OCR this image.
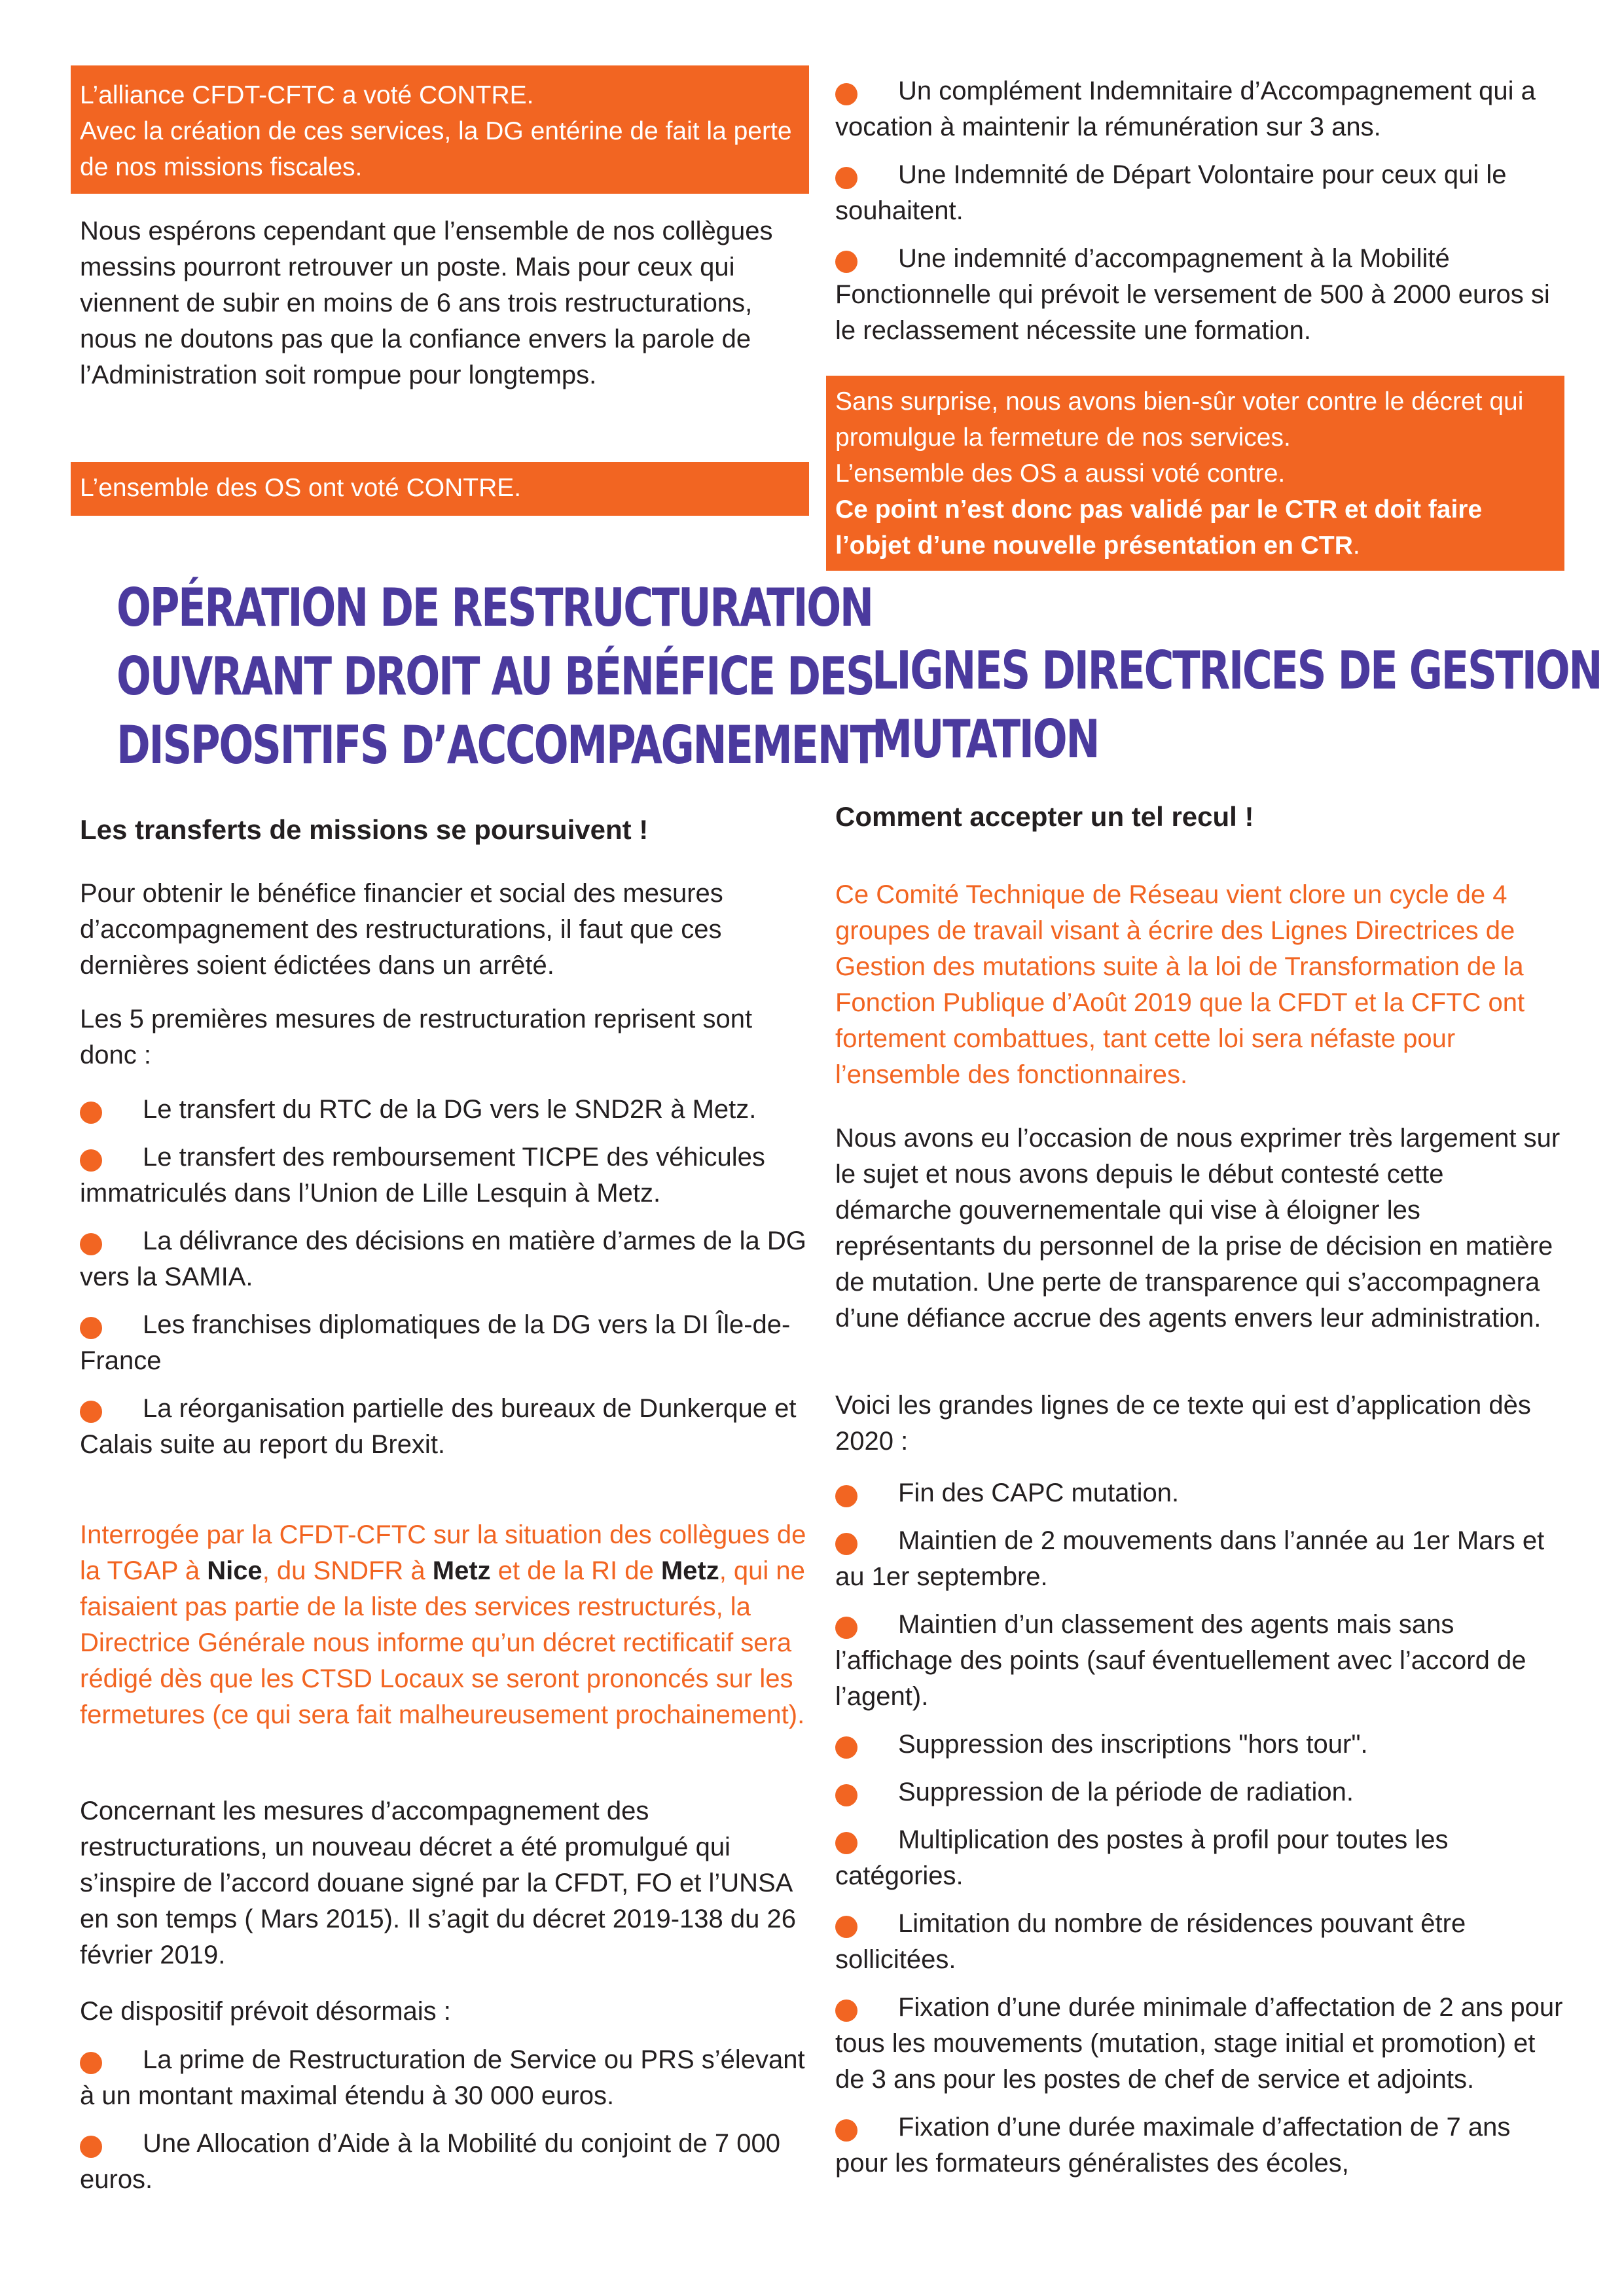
L’alliance CFDT-CFTC a voté CONTRE.

Avec la création de ces services, la DG entérine de fait la perte de nos missions fiscales.

Nous espérons cependant que l’ensemble de nos collègues messins pourront retrouver un poste. Mais pour ceux qui viennent de subir en moins de 6 ans trois restructurations, nous ne doutons pas que la confiance envers la parole de l’Administration soit rompue pour longtemps.

L’ensemble des OS ont voté CONTRE.

OPÉRATION DE RESTRUCTURATION
OUVRANT DROIT AU BÉNÉFICE DES
DISPOSITIFS D’ACCOMPAGNEMENT
Les transferts de missions se poursuivent !

Pour obtenir le bénéfice financier et social des mesures d’accompagnement des restructurations, il faut que ces dernières soient édictées dans un arrêté.

Les 5 premières mesures de restructuration reprisent sont donc :

Le transfert du RTC de la DG vers le SND2R à Metz.
Le transfert des remboursement TICPE des véhicules immatriculés dans l’Union de Lille Lesquin à Metz.
La délivrance des décisions en matière d’armes de la DG vers la SAMIA.
Les franchises diplomatiques de la DG vers la DI Île-de-France
La réorganisation partielle des bureaux de Dunkerque et Calais suite au report du Brexit.

Interrogée par la CFDT-CFTC sur la situation des collègues de la TGAP à Nice, du SNDFR à Metz et de la RI de Metz, qui ne faisaient pas partie de la liste des services restructurés, la Directrice Générale nous informe qu’un décret rectificatif sera rédigé dès que les CTSD Locaux se seront prononcés sur les fermetures (ce qui sera fait malheureusement prochainement).

Concernant les mesures d’accompagnement des restructurations, un nouveau décret a été promulgué qui s’inspire de l’accord douane signé par la CFDT, FO et l’UNSA en son temps ( Mars 2015). Il s’agit du décret 2019-138 du 26 février 2019.

Ce dispositif prévoit désormais :

La prime de Restructuration de Service ou PRS s’élevant à un montant maximal étendu à 30 000 euros.
Une Allocation d’Aide à la Mobilité du conjoint de 7 000 euros.
Un complément Indemnitaire d’Accompagnement qui a vocation à maintenir la rémunération sur 3 ans.
Une Indemnité de Départ Volontaire pour ceux qui le souhaitent.
Une indemnité d’accompagnement à la Mobilité Fonctionnelle qui prévoit le versement de 500 à 2000 euros si le reclassement nécessite une formation.

Sans surprise, nous avons bien-sûr voter contre le décret qui promulgue la fermeture de nos services.

L’ensemble des OS a aussi voté contre.

Ce point n’est donc pas validé par le CTR et doit faire l’objet d’une nouvelle présentation en CTR.

LIGNES DIRECTRICES DE GESTION
MUTATION
Comment accepter un tel recul !

Ce Comité Technique de Réseau vient clore un cycle de 4 groupes de travail visant à écrire des Lignes Directrices de Gestion des mutations suite à la loi de Transformation de la Fonction Publique d’Août 2019 que la CFDT et la CFTC ont fortement combattues, tant cette loi sera néfaste pour l’ensemble des fonctionnaires.

Nous avons eu l’occasion de nous exprimer très largement sur le sujet et nous avons depuis le début contesté cette démarche gouvernementale qui vise à éloigner les représentants du personnel de la prise de décision en matière de mutation. Une perte de transparence qui s’accompagnera d’une défiance accrue des agents envers leur administration.

Voici les grandes lignes de ce texte qui est d’application dès 2020 :

Fin des CAPC mutation.
Maintien de 2 mouvements dans l’année au 1er Mars et au 1er septembre.
Maintien d’un classement des agents mais sans l’affichage des points (sauf éventuellement avec l’accord de l’agent).
Suppression des inscriptions "hors tour".
Suppression de la période de radiation.
Multiplication des postes à profil pour toutes les catégories.
Limitation du nombre de résidences pouvant être sollicitées.
Fixation d’une durée minimale d’affectation de 2 ans pour tous les mouvements (mutation, stage initial et promotion) et de 3 ans pour les postes de chef de service et adjoints.
Fixation d’une durée maximale d’affectation de 7 ans pour les formateurs généralistes des écoles,
